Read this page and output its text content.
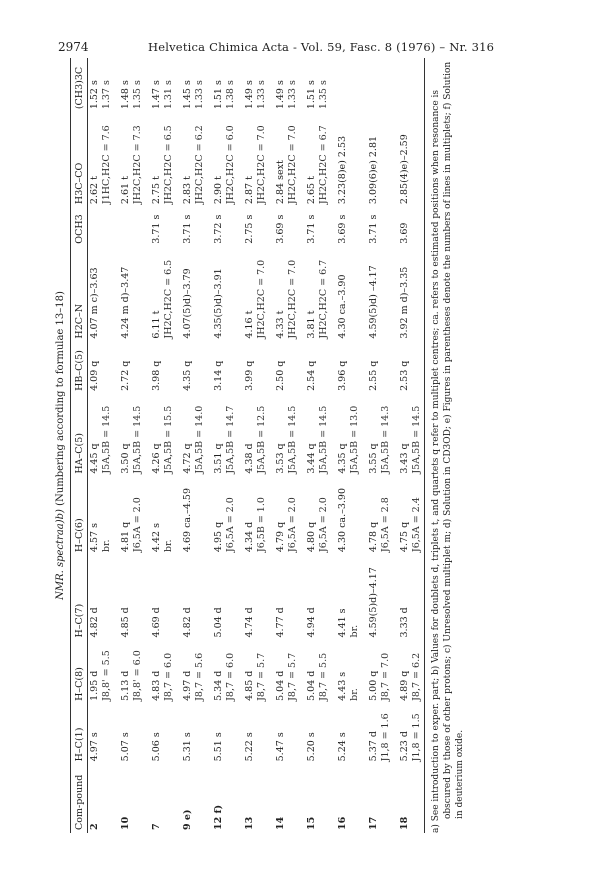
2974	Helvetica Chimica Acta - Vol. 59, Fasc. 8 (1976) – Nr. 316
NMR. spectraa)b) (Numbering according to formulae 13–18)
Com-pound	H–C(1)	H–C(8)	H–C(7)	H–C(6)	HA–C(5)	HB–C(5)	H2C–N	OCH3	H3C–CO	(CH3)3C
2	4.97 s	1.95 d J8,8' = 5.5	4.82 d	4.57 s br.	4.45 q J5A,5B = 14.5	4.09 q	4.07 m c)–3.63		2.62 t J1HC,H2C = 7.6	1.52 s 1.37 s

10	5.07 s	5.13 d J8,8' = 6.0	4.85 d	4.81 q J6,5A = 2.0	3.50 q J5A,5B = 14.5	2.72 q	4.24 m d)–3.47		2.61 t JH2C,H2C = 7.3	1.48 s 1.35 s

7	5.06 s	4.83 d J8,7 = 6.0	4.69 d	4.42 s br.	4.26 q J5A,5B = 15.5	3.98 q	6.11 t JH2C,H2C = 6.5	3.71 s	2.75 t JH2C,H2C = 6.5	1.47 s 1.31 s

9 e)	5.31 s	4.97 d J8,7 = 5.6	4.82 d	4.69 ca.–4.59	4.72 q J5A,5B = 14.0	4.35 q	4.07(5)d)–3.79	3.71 s	2.83 t JH2C,H2C = 6.2	1.45 s 1.33 s

12 f)	5.51 s	5.34 d J8,7 = 6.0	5.04 d	4.95 q J6,5A = 2.0	3.51 q J5A,5B = 14.7	3.14 q	4.35(5)d)–3.91	3.72 s	2.90 t JH2C,H2C = 6.0	1.51 s 1.38 s

13	5.22 s	4.85 d J8,7 = 5.7	4.74 d	4.34 d J6,5B = 1.0	4.38 d J5A,5B = 12.5	3.99 q	4.16 t JH2C,H2C = 7.0	2.75 s	2.87 t JH2C,H2C = 7.0	1.49 s 1.33 s

14	5.47 s	5.04 d J8,7 = 5.7	4.77 d	4.79 q J6,5A = 2.0	3.53 q J5A,5B = 14.5	2.50 q	4.33 t JH2C,H2C = 7.0	3.69 s	2.84 sext JH2C,H2C = 7.0	1.49 s 1.33 s

15	5.20 s	5.04 d J8,7 = 5.5	4.94 d	4.80 q J6,5A = 2.0	3.44 q J5A,5B = 14.5	2.54 q	3.81 t JH2C,H2C = 6.7	3.71 s	2.65 t JH2C,H2C = 6.7	1.51 s 1.35 s

16	5.24 s	4.43 s br.	4.41 s br.	4.30 ca.–3.90	4.35 q J5A,5B = 13.0	3.96 q	4.30 ca.–3.90	3.69 s	3.23(8)e) 2.53

17	5.37 d J1,8 = 1.6	5.00 q J8,7 = 7.0	4.59(5)d)–4.17	4.78 q J6,5A = 2.8	3.55 q J5A,5B = 14.3	2.55 q	4.59(5)d) –4.17	3.71 s	3.09(6)e) 2.81

18	5.23 d J1,8 = 1.5	4.89 q J8,7 = 6.2	3.33 d	4.75 q J6,5A = 2.4	3.43 q J5A,5B = 14.5	2.53 q	3.92 m d)–3.35	3.69	2.85(4)e)–2.59

a) See introduction to exper. part; b) Values for doublets d, triplets t, and quartets q refer to multiplet centres; ca. refers to estimated positions when resonance is obscured by those of other protons; c) Unresolved multiplet m; d) Solution in CD3OD; e) Figures in parentheses denote the numbers of lines in multiplets; f) Solution in deuterium oxide.
